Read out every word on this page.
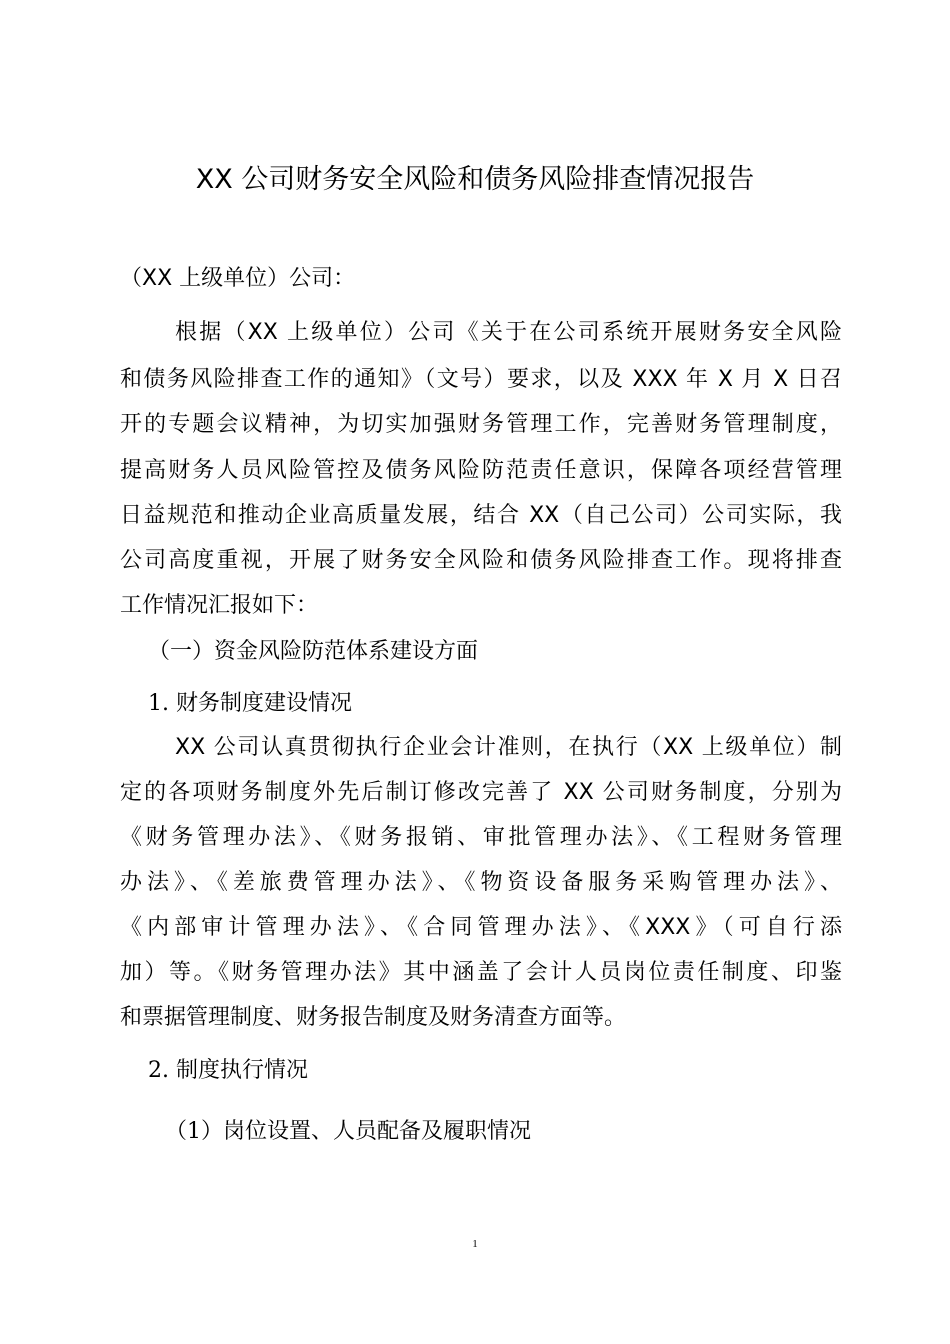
XX 公司财务安全风险和债务风险排查情况报告
（XX 上级单位）公司：
根据（XX 上级单位）公司《关于在公司系统开展财务安全风险
和债务风险排查工作的通知》（文号）要求，以及 XXX 年 X 月 X 日召
开的专题会议精神，为切实加强财务管理工作，完善财务管理制度，
提高财务人员风险管控及债务风险防范责任意识，保障各项经营管理
日益规范和推动企业高质量发展，结合 XX（自己公司）公司实际，我
公司高度重视，开展了财务安全风险和债务风险排查工作。现将排查
工作情况汇报如下：
（一）资金风险防范体系建设方面
1. 财务制度建设情况
XX 公司认真贯彻执行企业会计准则，在执行（XX 上级单位）制
定的各项财务制度外先后制订修改完善了 XX 公司财务制度，分别为
《财务管理办法》、《财务报销、审批管理办法》、《工程财务管理
办法》、《差旅费管理办法》、《物资设备服务采购管理办法》、
《内部审计管理办法》、《合同管理办法》、《XXX》（可自行添
加）等。《财务管理办法》其中涵盖了会计人员岗位责任制度、印鉴
和票据管理制度、财务报告制度及财务清查方面等。
2. 制度执行情况
（1）岗位设置、人员配备及履职情况
1
